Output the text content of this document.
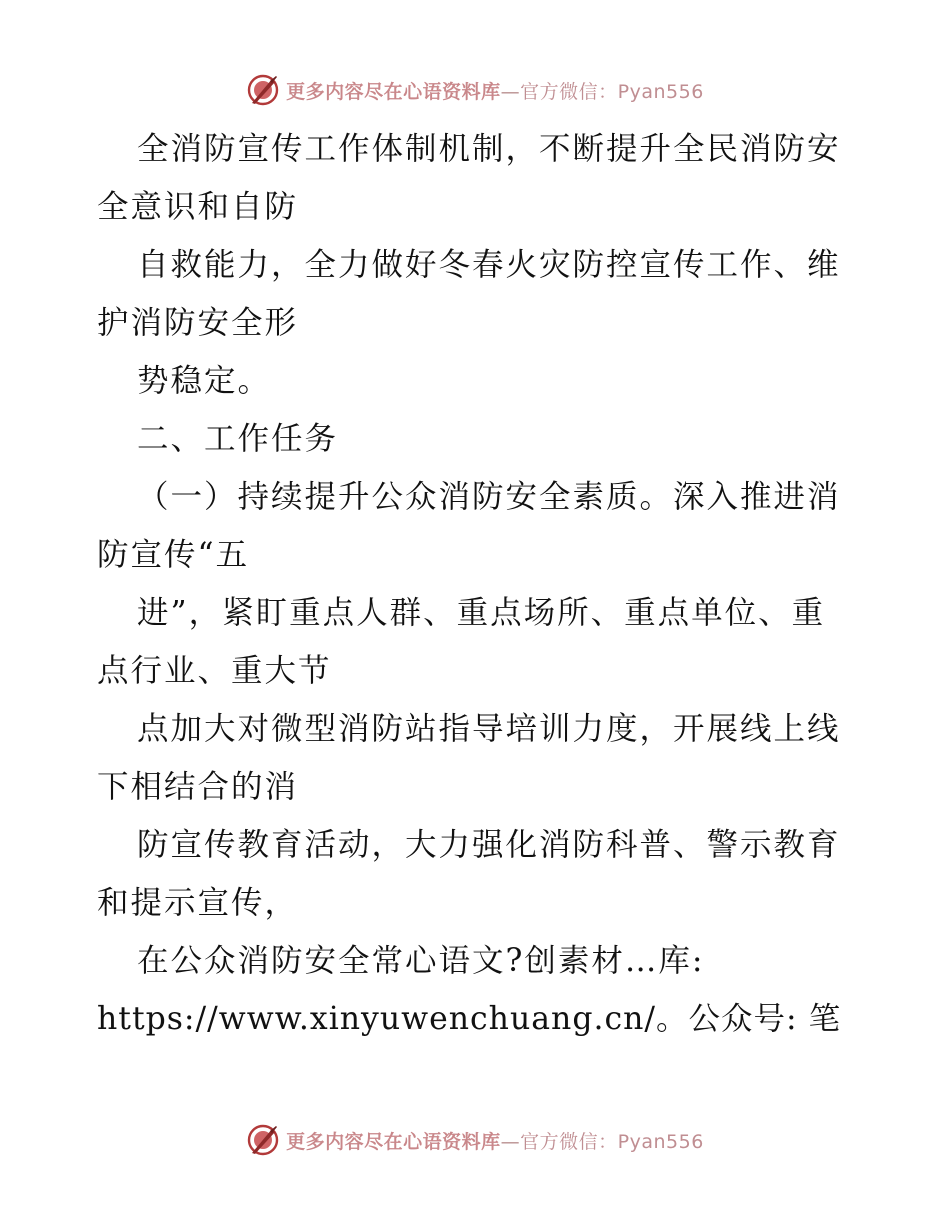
更多内容尽在心语资料库—官方微信：Pyan556
全消防宣传工作体制机制，不断提升全民消防安
全意识和自防
自救能力，全力做好冬春火灾防控宣传工作、维
护消防安全形
势稳定。
二、工作任务
（一）持续提升公众消防安全素质。深入推进消
防宣传“五
进”，紧盯重点人群、重点场所、重点单位、重
点行业、重大节
点加大对微型消防站指导培训力度，开展线上线
下相结合的消
防宣传教育活动，大力强化消防科普、警示教育
和提示宣传，
在公众消防安全常心语文?创素材…库:
https://www.xinyuwenchuang.cn/。公众号: 笔
更多内容尽在心语资料库—官方微信：Pyan556
